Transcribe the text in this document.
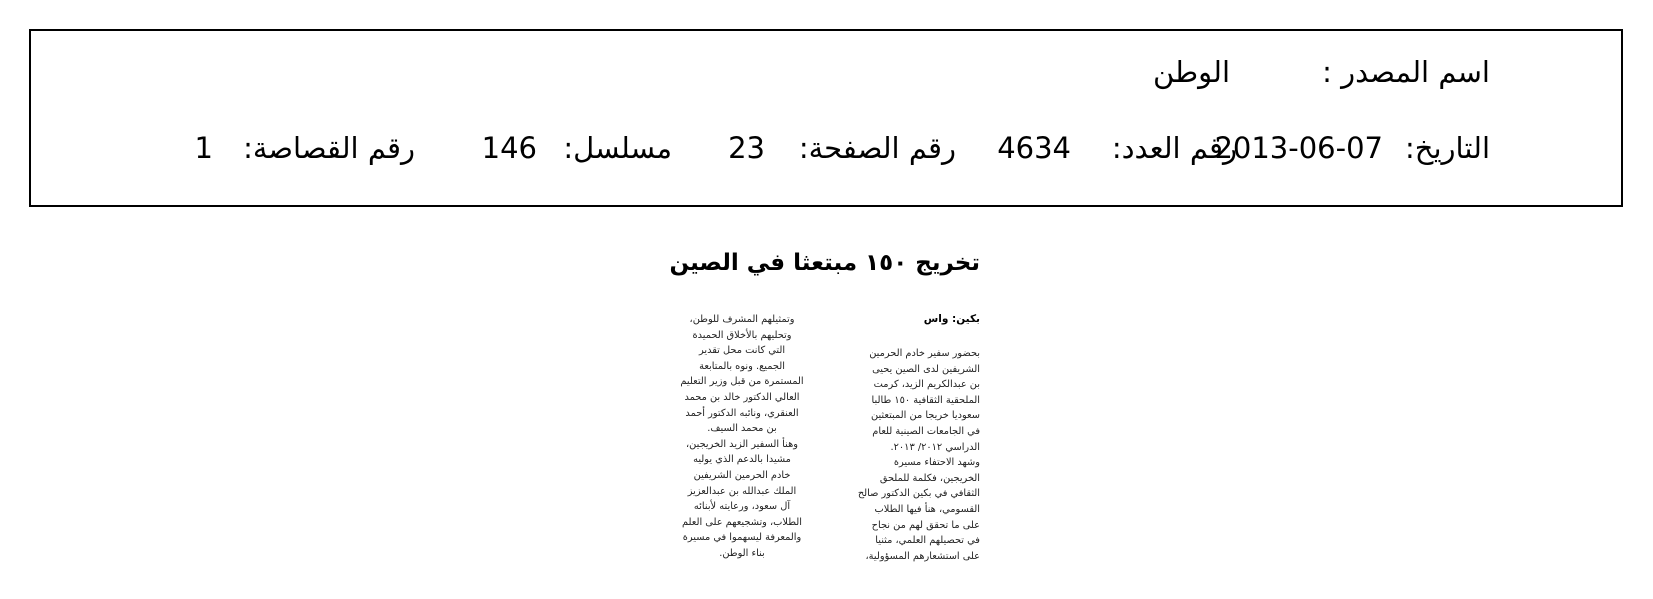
اسم المصدر :
الوطن
التاريخ:
2013-06-07
رقم العدد:
4634
رقم الصفحة:
23
مسلسل:
146
رقم القصاصة:
1
تخريج ١٥٠ مبتعثا في الصين
بكين: واس
بحضور سفير خادم الحرمين
الشريفين لدى الصين يحيى
بن عبدالكريم الزيد، كرمت
الملحقية الثقافية ١٥٠ طالبا
سعوديا خريجا من المبتعثين
في الجامعات الصينية للعام
الدراسي ٢٠١٢/ ٢٠١٣.
وشهد الاحتفاء مسيرة
الخريجين، فكلمة للملحق
الثقافي في بكين الدكتور صالح
القسومي، هنأ فيها الطلاب
على ما تحقق لهم من نجاح
في تحصيلهم العلمي، مثنيا
على استشعارهم المسؤولية،
وتمثيلهم المشرف للوطن،
وتحليهم بالأخلاق الحميدة
التي كانت محل تقدير
الجميع. ونوه بالمتابعة
المستمرة من قبل وزير التعليم
العالي الدكتور خالد بن محمد
العنقري، ونائبه الدكتور أحمد
بن محمد السيف.
وهنأ السفير الزيد الخريجين،
مشيدا بالدعم الذي يوليه
خادم الحرمين الشريفين
الملك عبدالله بن عبدالعزيز
آل سعود، ورعايته لأبنائه
الطلاب، وتشجيعهم على العلم
والمعرفة ليسهموا في مسيرة
بناء الوطن.
